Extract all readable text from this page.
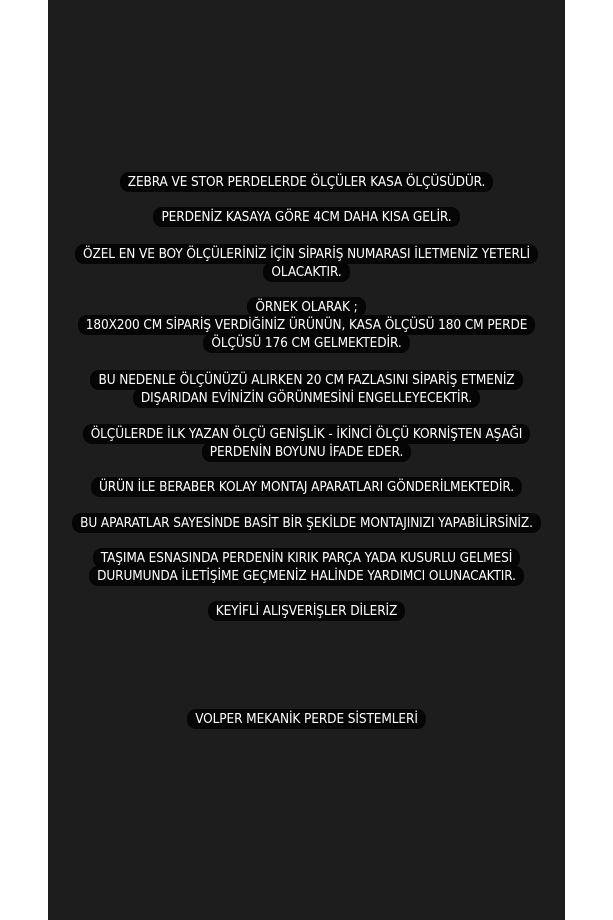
ZEBRA VE STOR PERDELERDE ÖLÇÜLER KASA ÖLÇÜSÜDÜR.
PERDENİZ KASAYA GÖRE 4CM DAHA KISA GELİR.
ÖZEL EN VE BOY ÖLÇÜLERİNİZ İÇİN SİPARİŞ NUMARASI İLETMENİZ YETERLİ
OLACAKTIR.
ÖRNEK OLARAK ;
180X200 CM SİPARİŞ VERDİĞİNİZ ÜRÜNÜN, KASA ÖLÇÜSÜ 180 CM PERDE
ÖLÇÜSÜ 176 CM GELMEKTEDİR.
BU NEDENLE ÖLÇÜNÜZÜ ALIRKEN 20 CM FAZLASINI SİPARİŞ ETMENİZ
DIŞARIDAN EVİNİZİN GÖRÜNMESİNİ ENGELLEYECEKTİR.
ÖLÇÜLERDE İLK YAZAN ÖLÇÜ GENİŞLİK - İKİNCİ ÖLÇÜ KORNİŞTEN AŞAĞI
PERDENİN BOYUNU İFADE EDER.
ÜRÜN İLE BERABER KOLAY MONTAJ APARATLARI GÖNDERİLMEKTEDİR.
BU APARATLAR SAYESİNDE BASİT BİR ŞEKİLDE MONTAJINIZI YAPABİLİRSİNİZ.
TAŞIMA ESNASINDA PERDENİN KIRIK PARÇA YADA KUSURLU GELMESİ
DURUMUNDA İLETİŞİME GEÇMENİZ HALİNDE YARDIMCI OLUNACAKTIR.
KEYİFLİ ALIŞVERİŞLER DİLERİZ
VOLPER MEKANİK PERDE SİSTEMLERİ
